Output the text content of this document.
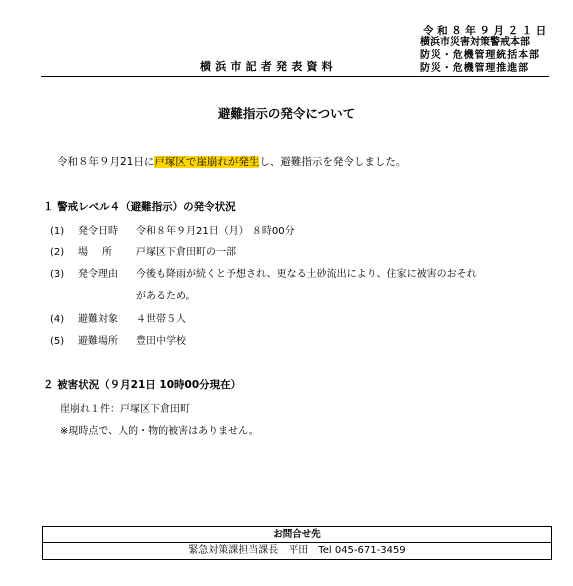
令和８年９月２１日
横浜市災害対策警戒本部
防災・危機管理統括本部
防災・危機管理推進部
横浜市記者発表資料
避難指示の発令について
令和８年９月21日に戸塚区で崖崩れが発生し、避難指示を発令しました。
１ 警戒レベル４（避難指示）の発令状況
(1) 発令日時 令和８年９月21日（月） ８時00分
(2) 場所 戸塚区下倉田町の一部
(3) 発令理由 今後も降雨が続くと予想され、更なる土砂流出により、住家に被害のおそれ
があるため。
(4) 避難対象 ４世帯５人
(5) 避難場所 豊田中学校
２ 被害状況（９月21日 10時00分現在）
崖崩れ１件：戸塚区下倉田町
※現時点で、人的・物的被害はありません。
お問合せ先
緊急対策課担当課長　平田　Tel 045-671-3459
